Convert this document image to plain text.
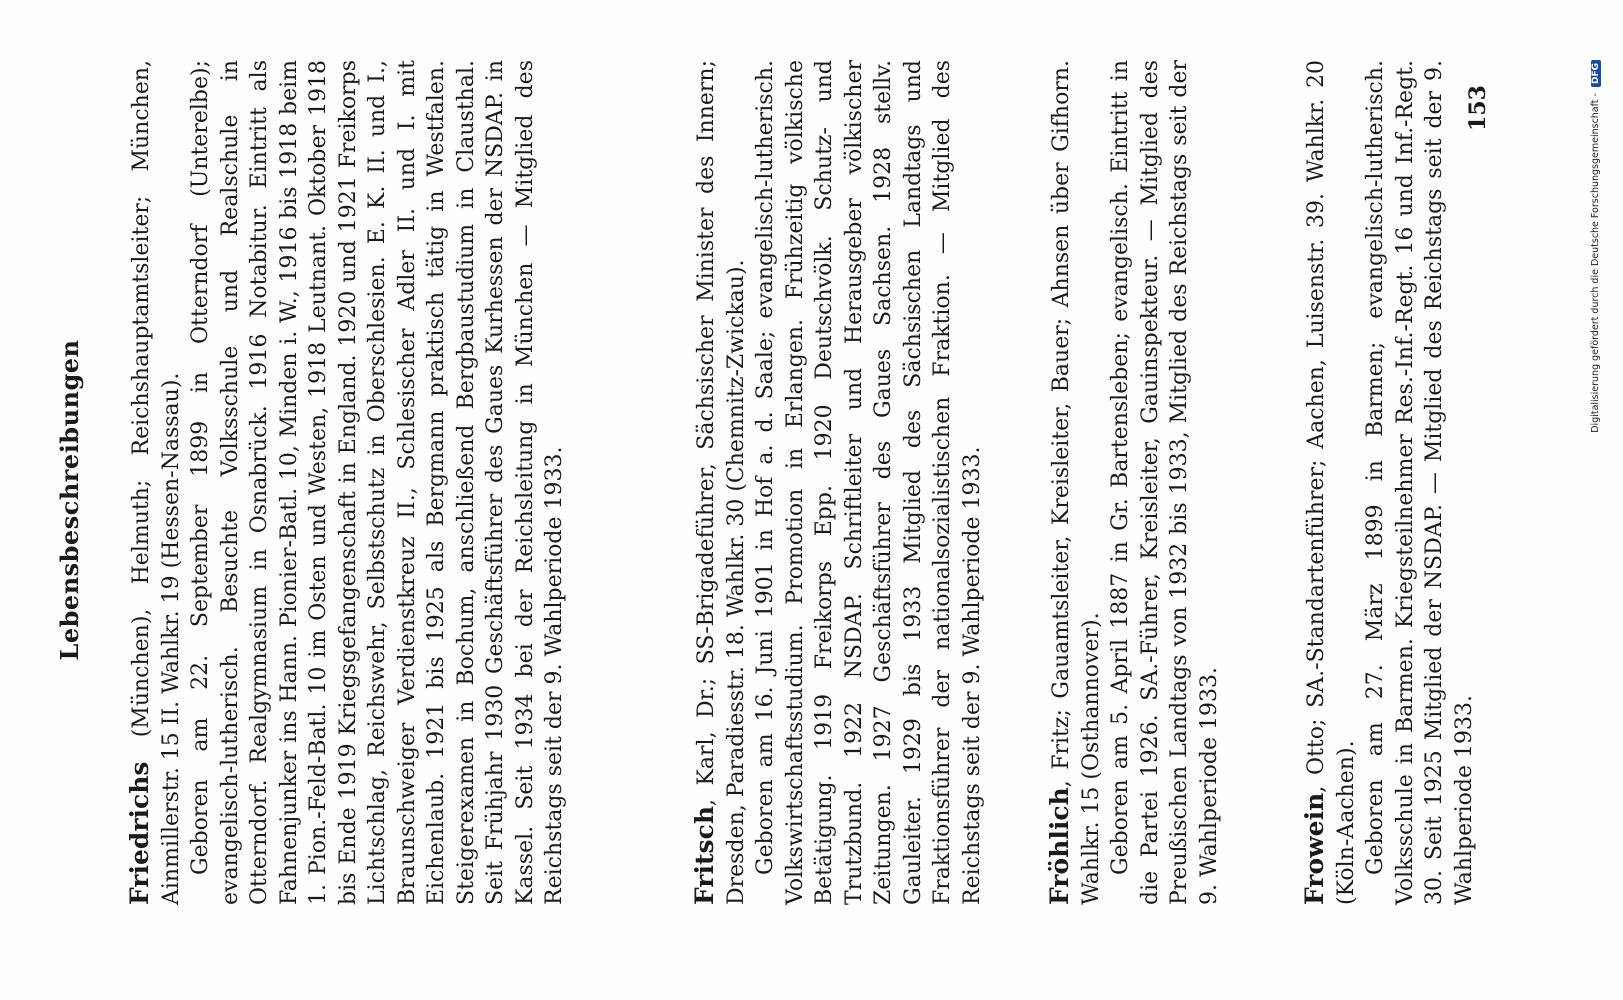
Lebensbeschreibungen

Friedrichs (München), Helmuth; Reichshauptamtsleiter; München, Ainmillerstr. 15 II. Wahlkr. 19 (Hessen-Nassau). Geboren am 22. September 1899 in Otterndorf (Unterelbe); evangelisch-lutherisch. Besuchte Volksschule und Realschule in Otterndorf. Realgymnasium in Osnabrück. 1916 Notabitur. Eintritt als Fahnenjunker ins Hann. Pionier-Batl. 10, Minden i. W., 1916 bis 1918 beim 1. Pion.-Feld-Batl. 10 im Osten und Westen, 1918 Leutnant. Oktober 1918 bis Ende 1919 Kriegsgefangenschaft in England. 1920 und 1921 Freikorps Lichtschlag, Reichswehr, Selbstschutz in Oberschlesien. E. K. II. und I., Braunschweiger Verdienstkreuz II., Schlesischer Adler II. und I. mit Eichenlaub. 1921 bis 1925 als Bergmann praktisch tätig in Westfalen. Steigerexamen in Bochum, anschließend Bergbaustudium in Clausthal. Seit Frühjahr 1930 Geschäftsführer des Gaues Kurhessen der NSDAP. in Kassel. Seit 1934 bei der Reichsleitung in München — Mitglied des Reichstags seit der 9. Wahlperiode 1933.	Fritsch, Karl, Dr.; SS-Brigadeführer, Sächsischer Minister des Innern; Dresden, Paradiesstr. 18. Wahlkr. 30 (Chemnitz-Zwickau). Geboren am 16. Juni 1901 in Hof a. d. Saale; evangelisch-lutherisch. Volkswirtschaftsstudium. Promotion in Erlangen. Frühzeitig völkische Betätigung. 1919 Freikorps Epp. 1920 Deutschvölk. Schutz- und Trutzbund. 1922 NSDAP. Schriftleiter und Herausgeber völkischer Zeitungen. 1927 Geschäftsführer des Gaues Sachsen. 1928 stellv. Gauleiter. 1929 bis 1933 Mitglied des Sächsischen Landtags und Fraktionsführer der nationalsozialistischen Fraktion. — Mitglied des Reichstags seit der 9. Wahlperiode 1933. Fröhlich, Fritz; Gauamtsleiter, Kreisleiter, Bauer; Ahnsen über Gifhorn. Wahlkr. 15 (Osthannover). Geboren am 5. April 1887 in Gr. Bartensleben; evangelisch. Eintritt in die Partei 1926. SA.-Führer, Kreisleiter, Gauinspekteur. — Mitglied des Preußischen Landtags von 1932 bis 1933, Mitglied des Reichstags seit der 9. Wahlperiode 1933.	Frowein, Otto; SA.-Standartenführer; Aachen, Luisenstr. 39. Wahlkr. 20 (Köln-Aachen). Geboren am 27. März 1899 in Barmen; evangelisch-lutherisch. Volksschule in Barmen. Kriegsteilnehmer Res.-Inf.-Regt. 16 und Inf.-Regt. 30. Seit 1925 Mitglied der NSDAP. — Mitglied des Reichstags seit der 9. Wahlperiode 1933.

153	Digitalisierung gefördert durch die Deutsche Forschungsgemeinschaft -
DFG
